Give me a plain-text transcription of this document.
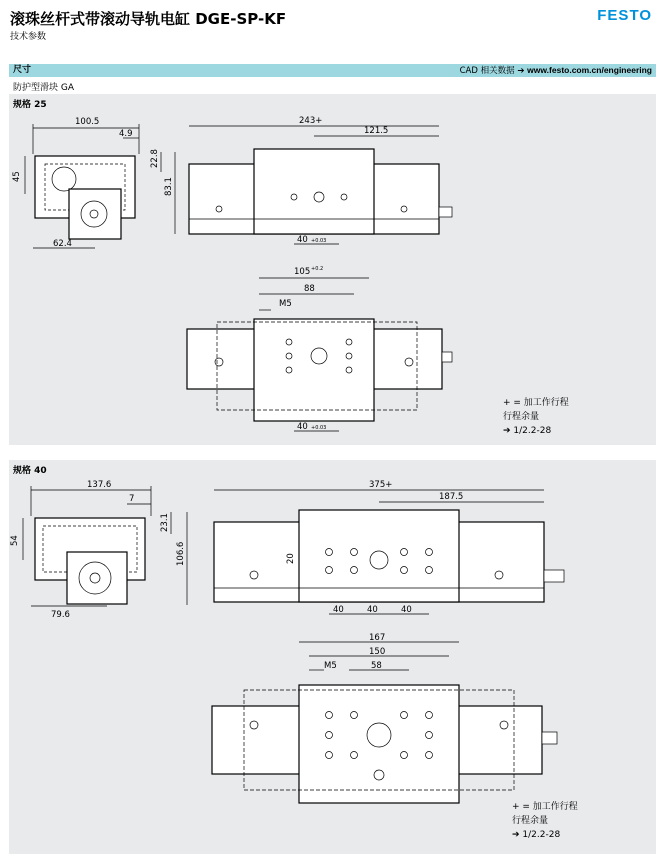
滚珠丝杆式带滚动导轨电缸 DGE-SP-KF
技术参数
FESTO
尺寸	CAD 相关数据 ➔ www.festo.com.cn/engineering
防护型滑块 GA
规格 25
100.5
4.9
22.8
45
83.1
62.4
243+
121.5
40 +0.03
105 +0.2
88
M5
40 +0.03
+ = 加工作行程
行程余量
➔ 1/2.2-28
规格 40
137.6
7
23.1
54
106.6
79.6
375+
187.5
20
40	40	40
167
150
M5	58
+ = 加工作行程
行程余量
➔ 1/2.2-28
